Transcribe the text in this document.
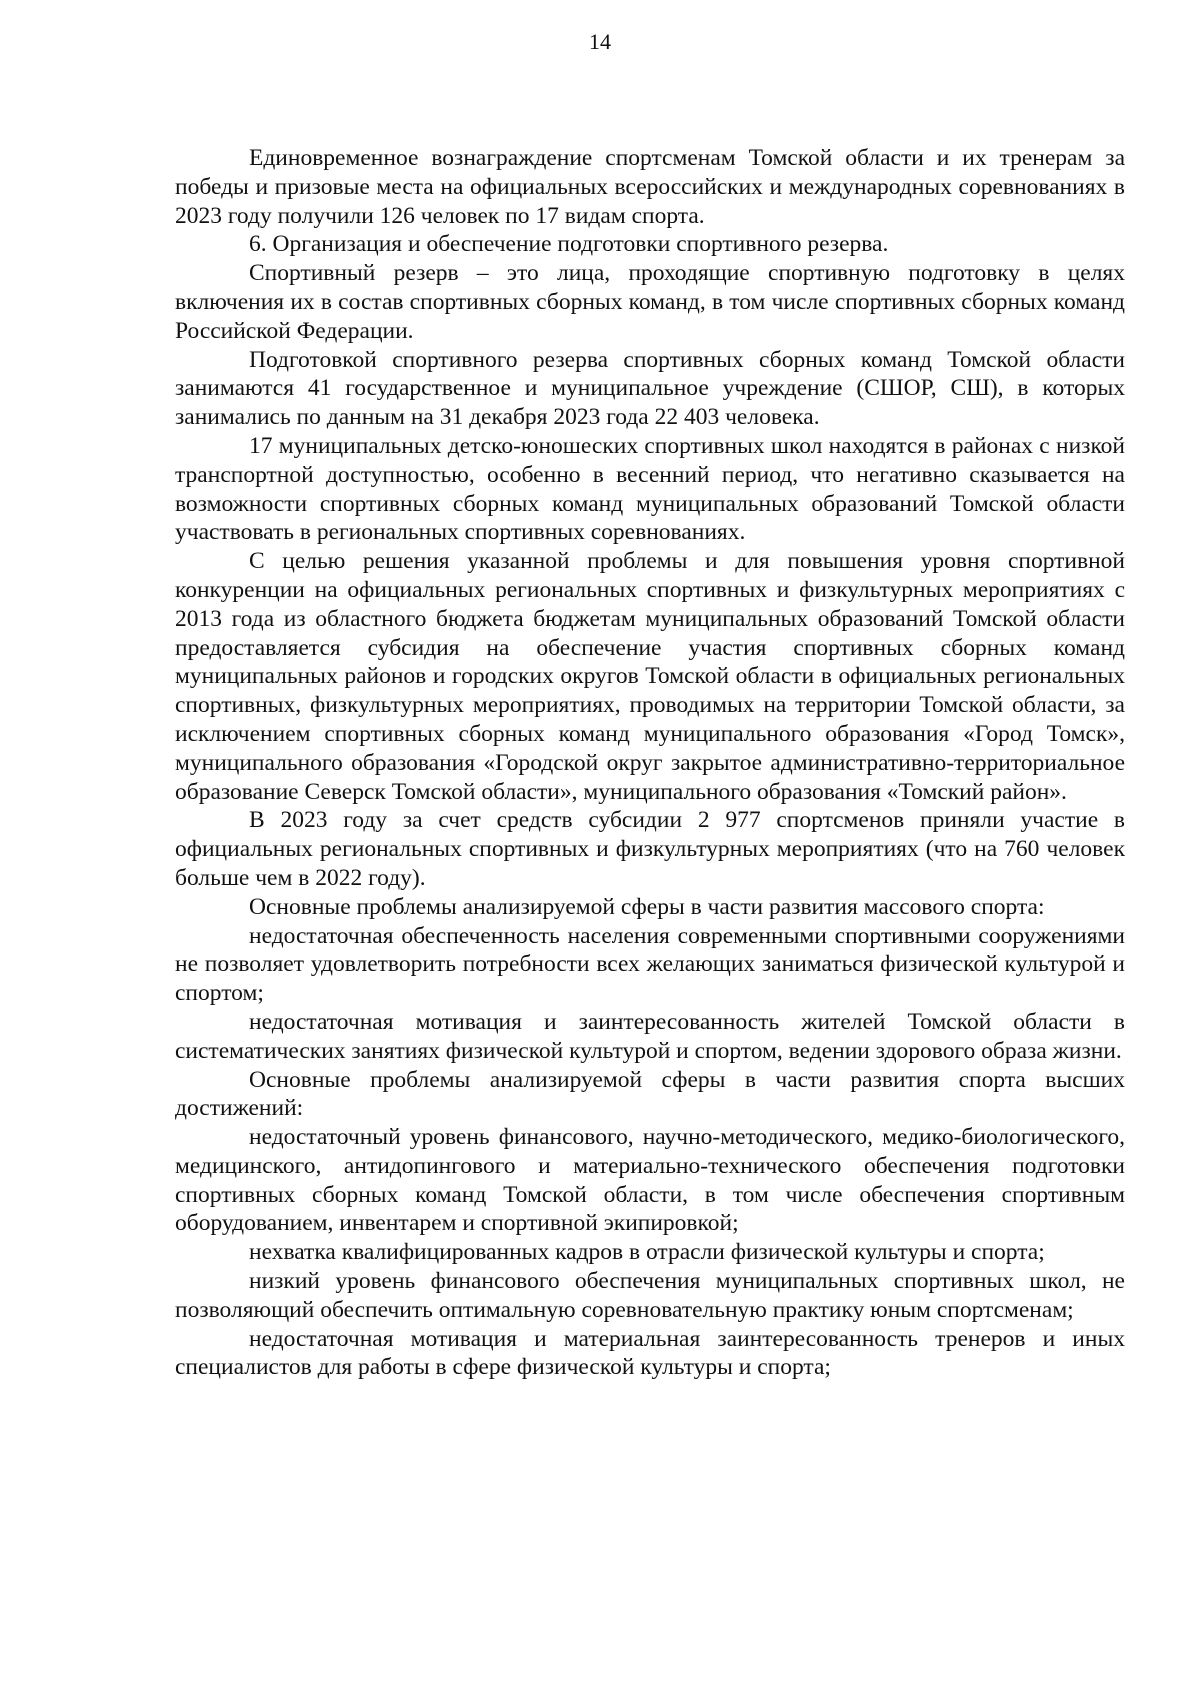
14

Единовременное вознаграждение спортсменам Томской области и их тренерам за победы и призовые места на официальных всероссийских и международных соревнованиях в 2023 году получили 126 человек по 17 видам спорта.

6. Организация и обеспечение подготовки спортивного резерва.

Спортивный резерв – это лица, проходящие спортивную подготовку в целях включения их в состав спортивных сборных команд, в том числе спортивных сборных команд Российской Федерации.

Подготовкой спортивного резерва спортивных сборных команд Томской области занимаются 41 государственное и муниципальное учреждение (СШОР, СШ), в которых занимались по данным на 31 декабря 2023 года 22 403 человека.

17 муниципальных детско-юношеских спортивных школ находятся в районах с низкой транспортной доступностью, особенно в весенний период, что негативно сказывается на возможности спортивных сборных команд муниципальных образований Томской области участвовать в региональных спортивных соревнованиях.

С целью решения указанной проблемы и для повышения уровня спортивной конкуренции на официальных региональных спортивных и физкультурных мероприятиях с 2013 года из областного бюджета бюджетам муниципальных образований Томской области предоставляется субсидия на обеспечение участия спортивных сборных команд муниципальных районов и городских округов Томской области в официальных региональных спортивных, физкультурных мероприятиях, проводимых на территории Томской области, за исключением спортивных сборных команд муниципального образования «Город Томск», муниципального образования «Городской округ закрытое административно-территориальное образование Северск Томской области», муниципального образования «Томский район».

В 2023 году за счет средств субсидии 2 977 спортсменов приняли участие в официальных региональных спортивных и физкультурных мероприятиях (что на 760 человек больше чем в 2022 году).

Основные проблемы анализируемой сферы в части развития массового спорта:

недостаточная обеспеченность населения современными спортивными сооружениями не позволяет удовлетворить потребности всех желающих заниматься физической культурой и спортом;

недостаточная мотивация и заинтересованность жителей Томской области в систематических занятиях физической культурой и спортом, ведении здорового образа жизни.

Основные проблемы анализируемой сферы в части развития спорта высших достижений:

недостаточный уровень финансового, научно-методического, медико-биологического, медицинского, антидопингового и материально-технического обеспечения подготовки спортивных сборных команд Томской области, в том числе обеспечения спортивным оборудованием, инвентарем и спортивной экипировкой;

нехватка квалифицированных кадров в отрасли физической культуры и спорта;

низкий уровень финансового обеспечения муниципальных спортивных школ, не позволяющий обеспечить оптимальную соревновательную практику юным спортсменам;

недостаточная мотивация и материальная заинтересованность тренеров и иных специалистов для работы в сфере физической культуры и спорта;
